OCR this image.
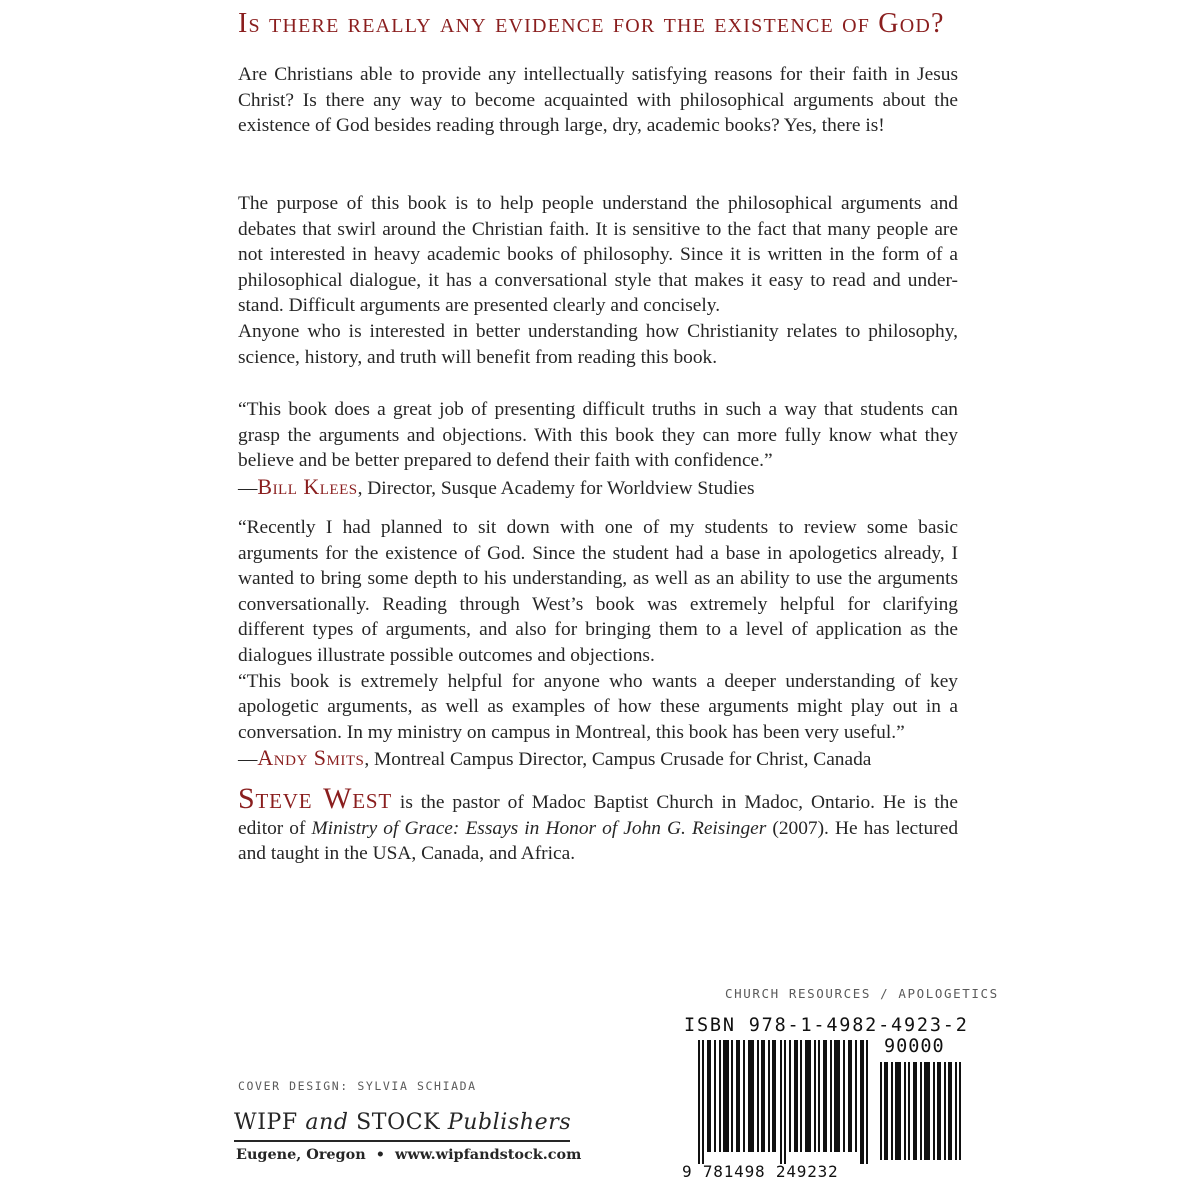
Is there really any evidence for the existence of God?

Are Christians able to provide any intellectually satisfying reasons for their faith in Jesus Christ? Is there any way to become acquainted with philosophical arguments about the existence of God besides reading through large, dry, academic books? Yes, there is!

The purpose of this book is to help people understand the philosophical arguments and debates that swirl around the Christian faith. It is sensitive to the fact that many people are not interested in heavy academic books of philosophy. Since it is written in the form of a philosophical dialogue, it has a conversational style that makes it easy to read and under-stand. Difficult arguments are presented clearly and concisely.

Anyone who is interested in better understanding how Christianity relates to philosophy, science, history, and truth will benefit from reading this book.

“This book does a great job of presenting difficult truths in such a way that students can grasp the arguments and objections. With this book they can more fully know what they believe and be better prepared to defend their faith with confidence.”
—Bill Klees, Director, Susque Academy for Worldview Studies
“Recently I had planned to sit down with one of my students to review some basic arguments for the existence of God. Since the student had a base in apologetics already, I wanted to bring some depth to his understanding, as well as an ability to use the arguments conversationally. Reading through West’s book was extremely helpful for clarifying different types of arguments, and also for bringing them to a level of application as the dialogues illustrate possible outcomes and objections.
“This book is extremely helpful for anyone who wants a deeper understanding of key apologetic arguments, as well as examples of how these arguments might play out in a conversation. In my ministry on campus in Montreal, this book has been very useful.”
—Andy Smits, Montreal Campus Director, Campus Crusade for Christ, Canada

Steve West is the pastor of Madoc Baptist Church in Madoc, Ontario. He is the editor of Ministry of Grace: Essays in Honor of John G. Reisinger (2007). He has lectured and taught in the USA, Canada, and Africa.

CHURCH RESOURCES / APOLOGETICS
ISBN 978-1-4982-4923-2
90000
9 781498 249232
COVER DESIGN: SYLVIA SCHIADA
WIPF and STOCK Publishers
Eugene, Oregon • www.wipfandstock.com
